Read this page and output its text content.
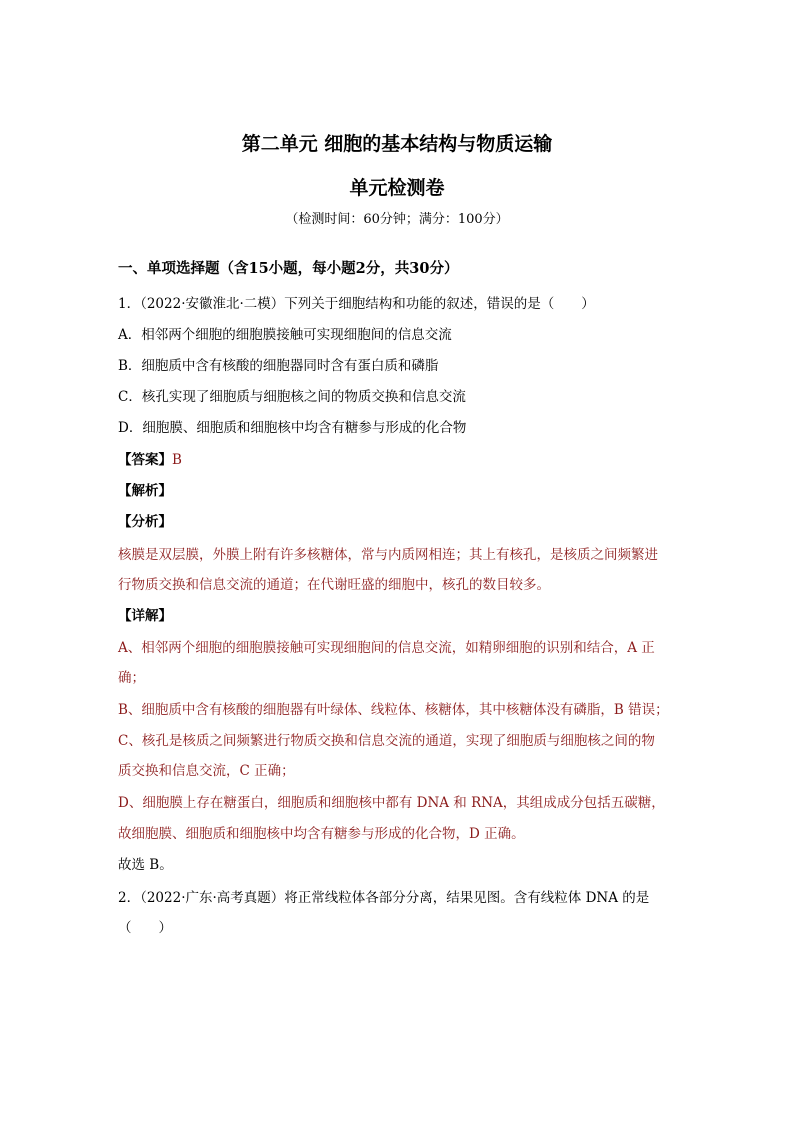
第二单元 细胞的基本结构与物质运输
单元检测卷
（检测时间：60分钟；满分：100分）
一、单项选择题（含15小题，每小题2分，共30分）
1．（2022·安徽淮北·二模）下列关于细胞结构和功能的叙述，错误的是（　　）
A．相邻两个细胞的细胞膜接触可实现细胞间的信息交流
B．细胞质中含有核酸的细胞器同时含有蛋白质和磷脂
C．核孔实现了细胞质与细胞核之间的物质交换和信息交流
D．细胞膜、细胞质和细胞核中均含有糖参与形成的化合物
【答案】B
【解析】
【分析】
核膜是双层膜，外膜上附有许多核糖体，常与内质网相连；其上有核孔，是核质之间频繁进
行物质交换和信息交流的通道；在代谢旺盛的细胞中，核孔的数目较多。
【详解】
A、相邻两个细胞的细胞膜接触可实现细胞间的信息交流，如精卵细胞的识别和结合，A 正
确；
B、细胞质中含有核酸的细胞器有叶绿体、线粒体、核糖体，其中核糖体没有磷脂，B 错误；
C、核孔是核质之间频繁进行物质交换和信息交流的通道，实现了细胞质与细胞核之间的物
质交换和信息交流，C 正确；
D、细胞膜上存在糖蛋白，细胞质和细胞核中都有 DNA 和 RNA，其组成成分包括五碳糖，
故细胞膜、细胞质和细胞核中均含有糖参与形成的化合物，D 正确。
故选 B。
2．（2022·广东·高考真题）将正常线粒体各部分分离，结果见图。含有线粒体 DNA 的是
（　　）
